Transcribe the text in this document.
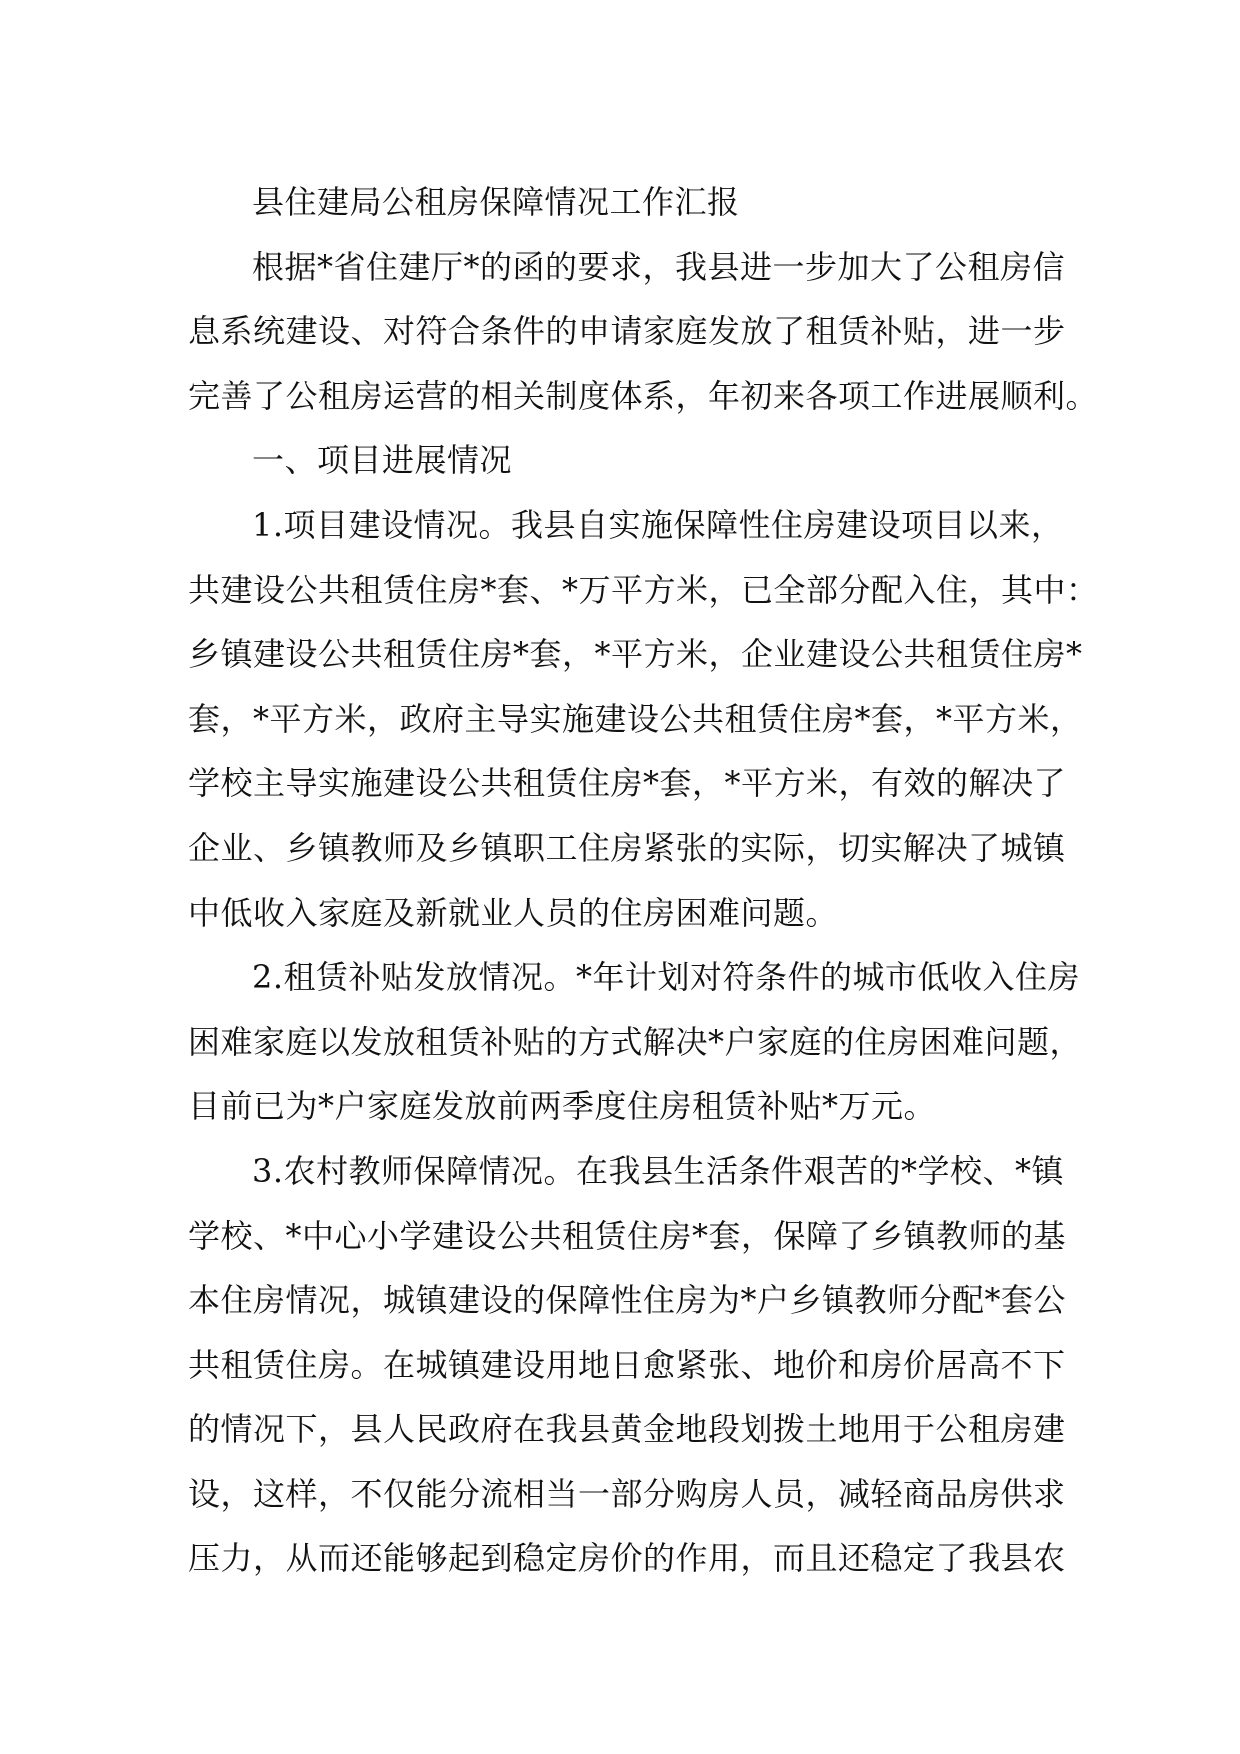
县住建局公租房保障情况工作汇报
根据*省住建厅*的函的要求，我县进一步加大了公租房信
息系统建设、对符合条件的申请家庭发放了租赁补贴，进一步
完善了公租房运营的相关制度体系，年初来各项工作进展顺利。
一、项目进展情况
1.项目建设情况。我县自实施保障性住房建设项目以来，
共建设公共租赁住房*套、*万平方米，已全部分配入住，其中：
乡镇建设公共租赁住房*套，*平方米，企业建设公共租赁住房*
套，*平方米，政府主导实施建设公共租赁住房*套，*平方米，
学校主导实施建设公共租赁住房*套，*平方米，有效的解决了
企业、乡镇教师及乡镇职工住房紧张的实际，切实解决了城镇
中低收入家庭及新就业人员的住房困难问题。
2.租赁补贴发放情况。*年计划对符条件的城市低收入住房
困难家庭以发放租赁补贴的方式解决*户家庭的住房困难问题，
目前已为*户家庭发放前两季度住房租赁补贴*万元。
3.农村教师保障情况。在我县生活条件艰苦的*学校、*镇
学校、*中心小学建设公共租赁住房*套，保障了乡镇教师的基
本住房情况，城镇建设的保障性住房为*户乡镇教师分配*套公
共租赁住房。在城镇建设用地日愈紧张、地价和房价居高不下
的情况下，县人民政府在我县黄金地段划拨土地用于公租房建
设，这样，不仅能分流相当一部分购房人员，减轻商品房供求
压力，从而还能够起到稳定房价的作用，而且还稳定了我县农
